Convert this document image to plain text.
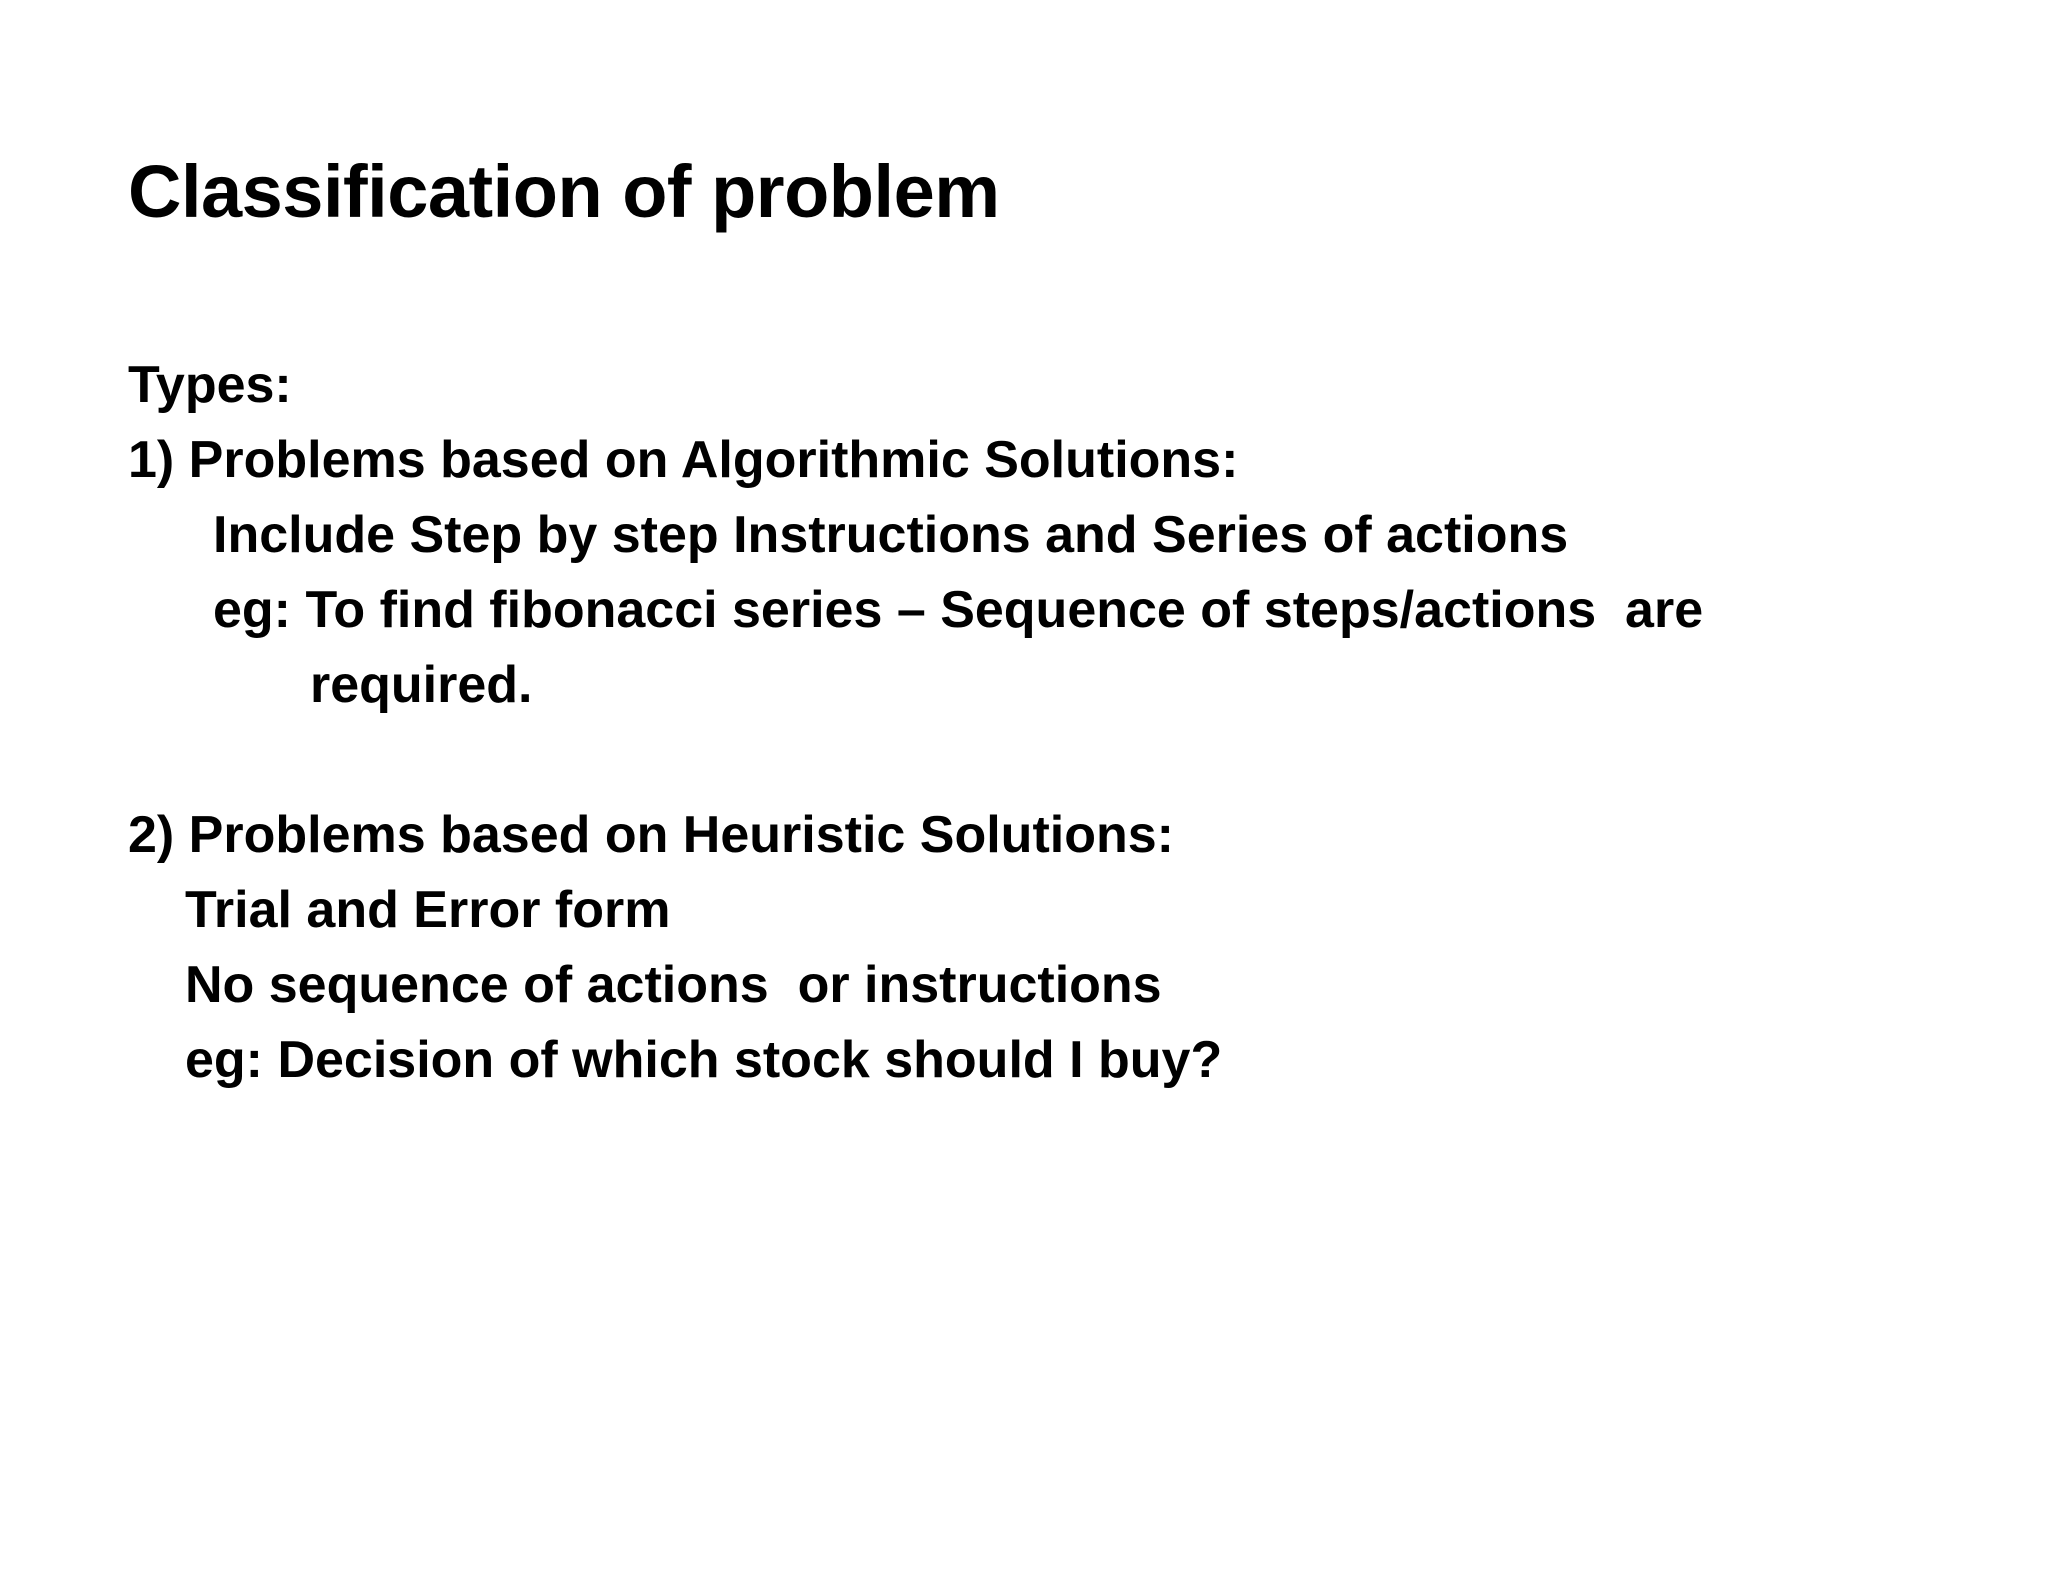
Classification of problem
Types:
1) Problems based on Algorithmic Solutions:
Include Step by step Instructions and Series of actions
eg: To find fibonacci series – Sequence of steps/actions  are
required.
2) Problems based on Heuristic Solutions:
Trial and Error form
No sequence of actions  or instructions
eg: Decision of which stock should I buy?
